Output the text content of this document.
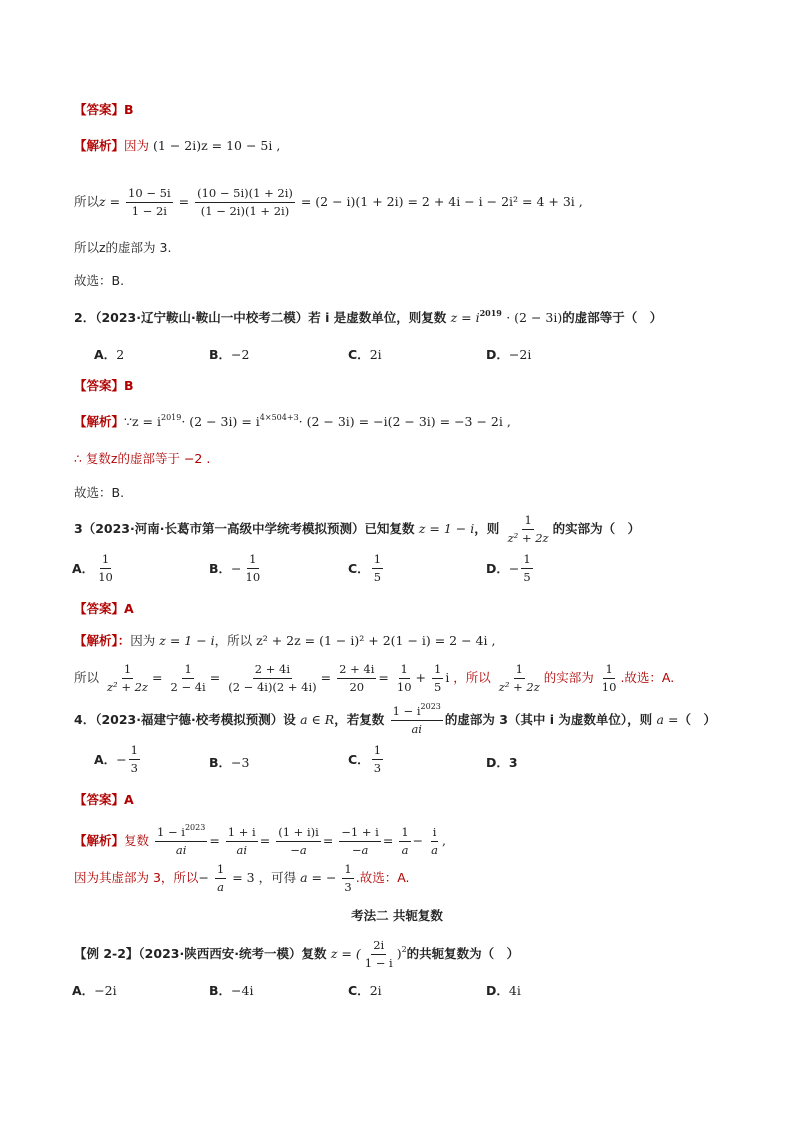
【答案】B
【解析】因为 (1 − 2i)z = 10 − 5i ,
所以$z = \frac{10 - 5i}{1 - 2i} = \frac{(10 - 5i)(1 + 2i)}{(1 - 2i)(1 + 2i)} = (2 - i)(1 + 2i) = 2 + 4i - i - 2i^2 = 4 + 3i$ ,
所以z的虚部为 3.
故选：B.
2．（2023·辽宁鞍山·鞍山一中校考二模）若 i 是虚数单位，则复数 $z = i^{2019} \cdot (2 - 3i)$的虚部等于（　）
A．2	B．−2	C．2i	D．−2i
【答案】B
【解析】∵z = $i^{2019}\cdot (2 - 3i) = i^{4\times 504+3}\cdot (2 - 3i) = -i(2 - 3i) = -3 - 2i$ ,
∴ 复数z的虚部等于 −2 .
故选：B.
3（2023·河南·长葛市第一高级中学统考模拟预测）已知复数 z = 1 − i，则 $\frac{1}{\text{z² + 2z}}$ 的实部为（　）
A． $\frac{1}{10}$	B．− $\frac{1}{10}$	C． $\frac{1}{5}$	D．− $\frac{1}{5}$
【答案】A
【解析】：因为 z = 1 − i，所以 z² + 2z = (1 − i)² + 2(1 − i) = 2 − 4i ,
所以 $\frac{1}{\text{z² + 2z}} = \frac{1}{2 - 4i} = \frac{2 + 4i}{(2 - 4i)(2 + 4i)} = \frac{2 + 4i}{20} = \frac{1}{10} + \frac{1}{5}$ i ，所以 $\frac{1}{\text{z² + 2z}}$ 的实部为 $\frac{1}{10}$ .故选：A.
4．（2023·福建宁德·校考模拟预测）设 a ∈ R，若复数 $\frac{1 - i^{2023}}{ai}$ 的虚部为 3（其中 i 为虚数单位），则 a =（　）
A．− $\frac{1}{3}$	B．−3	C． $\frac{1}{3}$	D．3
【答案】A
【解析】复数 $\frac{1 - i^{2023}}{ai} = \frac{1 + i}{ai} = \frac{(1 + i)i}{-a} = \frac{-1 + i}{-a} = \frac{1}{a} - \frac{i}{a}$ ,
因为其虚部为 3，所以− $\frac{1}{a} = 3$ ，可得 a = − $\frac{1}{3}$ .故选：A.
考法二 共轭复数
【例 2-2】（2023·陕西西安·统考一模）复数 z = ( $\frac{2i}{1 - i} )^2$的共轭复数为（　）
A．−2i	B．−4i	C．2i	D．4i
